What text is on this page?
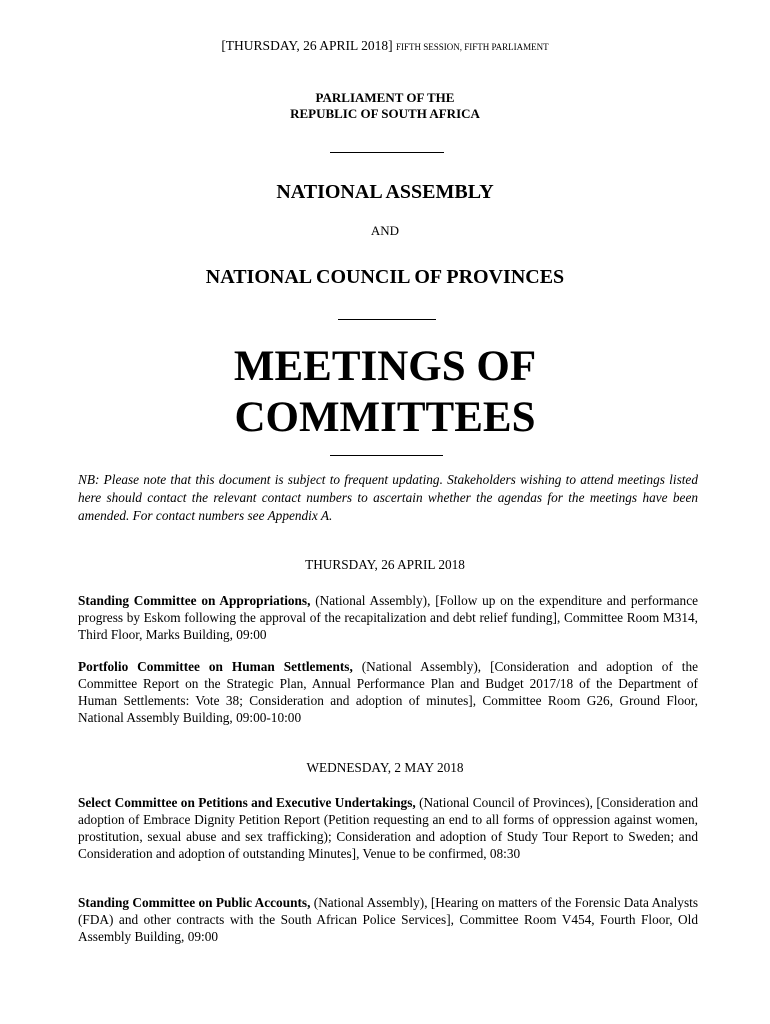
[THURSDAY, 26 APRIL 2018] FIFTH SESSION, FIFTH PARLIAMENT
PARLIAMENT OF THE
REPUBLIC OF SOUTH AFRICA
NATIONAL ASSEMBLY
AND
NATIONAL COUNCIL OF PROVINCES
MEETINGS OF
COMMITTEES
NB: Please note that this document is subject to frequent updating. Stakeholders wishing to attend meetings listed here should contact the relevant contact numbers to ascertain whether the agendas for the meetings have been amended. For contact numbers see Appendix A.
THURSDAY, 26 APRIL 2018
Standing Committee on Appropriations, (National Assembly), [Follow up on the expenditure and performance progress by Eskom following the approval of the recapitalization and debt relief funding], Committee Room M314, Third Floor, Marks Building, 09:00
Portfolio Committee on Human Settlements, (National Assembly), [Consideration and adoption of the Committee Report on the Strategic Plan, Annual Performance Plan and Budget 2017/18 of the Department of Human Settlements: Vote 38; Consideration and adoption of minutes], Committee Room G26, Ground Floor, National Assembly Building, 09:00-10:00
WEDNESDAY, 2 MAY 2018
Select Committee on Petitions and Executive Undertakings, (National Council of Provinces), [Consideration and adoption of Embrace Dignity Petition Report (Petition requesting an end to all forms of oppression against women, prostitution, sexual abuse and sex trafficking); Consideration and adoption of Study Tour Report to Sweden; and Consideration and adoption of outstanding Minutes], Venue to be confirmed, 08:30
Standing Committee on Public Accounts, (National Assembly), [Hearing on matters of the Forensic Data Analysts (FDA) and other contracts with the South African Police Services], Committee Room V454, Fourth Floor, Old Assembly Building, 09:00
